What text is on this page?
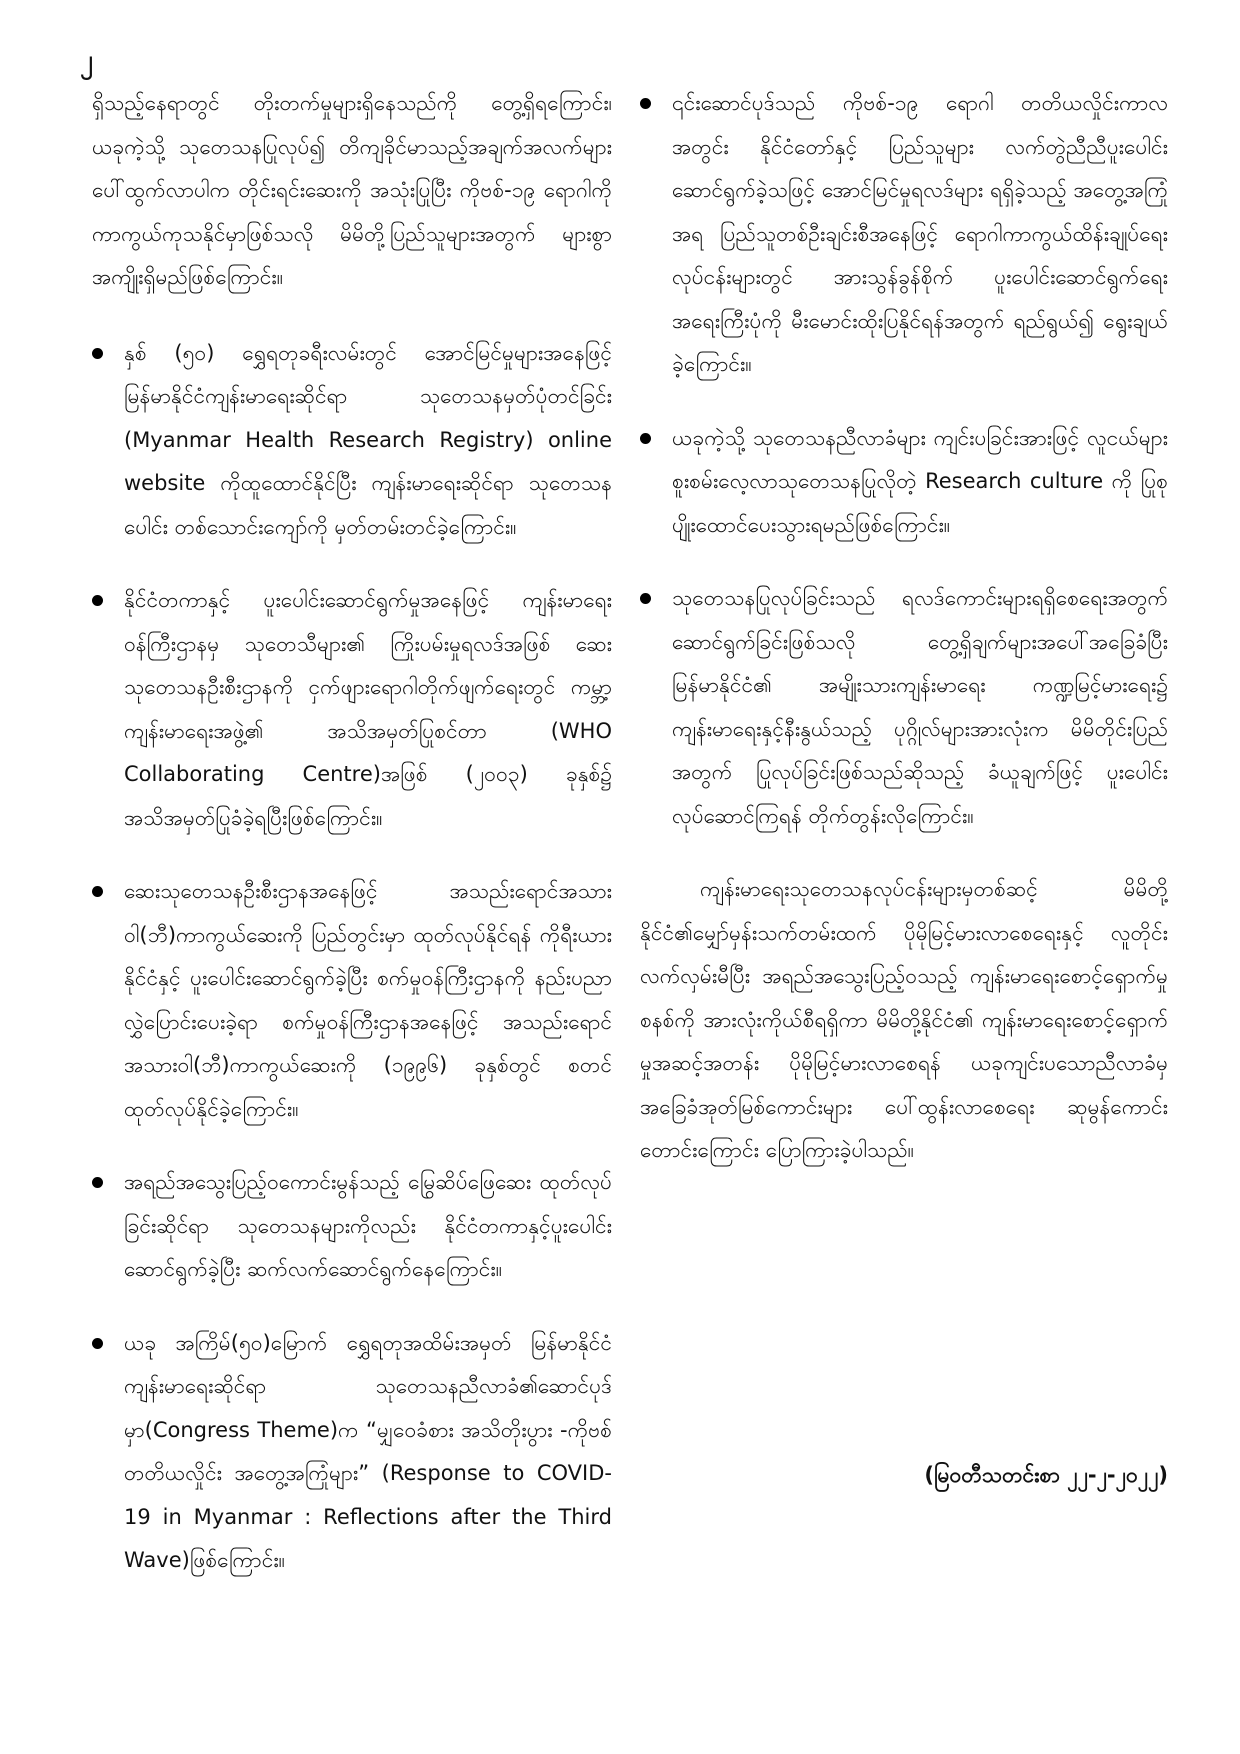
၂

ရှိသည့်နေရာတွင် တိုးတက်မှုများရှိနေသည်ကို တွေ့ရှိရကြောင်း၊ ယခုကဲ့သို့ သုတေသနပြုလုပ်၍ တိကျခိုင်မာသည့်အချက်အလက်များ ပေါ်ထွက်လာပါက တိုင်းရင်းဆေးကို အသုံးပြုပြီး ကိုဗစ်-၁၉ ရောဂါကို ကာကွယ်ကုသနိုင်မှာဖြစ်သလို မိမိတို့ပြည်သူများအတွက် များစွာအကျိုးရှိမည်ဖြစ်ကြောင်း။

နှစ် (၅၀) ရွှေရတုခရီးလမ်းတွင် အောင်မြင်မှုများအနေဖြင့် မြန်မာနိုင်ငံကျန်းမာရေးဆိုင်ရာ သုတေသနမှတ်ပုံတင်ခြင်း (Myanmar Health Research Registry) online website ကိုထူထောင်နိုင်ပြီး ကျန်းမာရေးဆိုင်ရာ သုတေသနပေါင်း တစ်သောင်းကျော်ကို မှတ်တမ်းတင်ခဲ့ကြောင်း။
နိုင်ငံတကာနှင့် ပူးပေါင်းဆောင်ရွက်မှုအနေဖြင့် ကျန်းမာရေးဝန်ကြီးဌာနမှ သုတေသီများ၏ ကြိုးပမ်းမှုရလဒ်အဖြစ် ဆေးသုတေသနဦးစီးဌာနကို ငှက်ဖျားရောဂါတိုက်ဖျက်ရေးတွင် ကမ္ဘာ့ကျန်းမာရေးအဖွဲ့၏ အသိအမှတ်ပြုစင်တာ (WHO Collaborating Centre)အဖြစ် (၂၀၀၃) ခုနှစ်၌ အသိအမှတ်ပြုခံခဲ့ရပြီးဖြစ်ကြောင်း။
ဆေးသုတေသနဦးစီးဌာနအနေဖြင့် အသည်းရောင်အသားဝါ(ဘီ)ကာကွယ်ဆေးကို ပြည်တွင်းမှာ ထုတ်လုပ်နိုင်ရန် ကိုရီးယားနိုင်ငံနှင့် ပူးပေါင်းဆောင်ရွက်ခဲ့ပြီး စက်မှုဝန်ကြီးဌာနကို နည်းပညာလွှဲပြောင်းပေးခဲ့ရာ စက်မှုဝန်ကြီးဌာနအနေဖြင့် အသည်းရောင်အသားဝါ(ဘီ)ကာကွယ်ဆေးကို (၁၉၉၆) ခုနှစ်တွင် စတင်ထုတ်လုပ်နိုင်ခဲ့ကြောင်း။
အရည်အသွေးပြည့်ဝကောင်းမွန်သည့် မြွေဆိပ်ဖြေဆေး ထုတ်လုပ်ခြင်းဆိုင်ရာ သုတေသနများကိုလည်း နိုင်ငံတကာနှင့်ပူးပေါင်းဆောင်ရွက်ခဲ့ပြီး ဆက်လက်ဆောင်ရွက်နေကြောင်း။
ယခု အကြိမ်(၅၀)မြောက် ရွှေရတုအထိမ်းအမှတ် မြန်မာနိုင်ငံ ကျန်းမာရေးဆိုင်ရာ သုတေသနညီလာခံ၏ဆောင်ပုဒ်မှာ(Congress Theme)က “မျှဝေခံစား အသိတိုးပွား -ကိုဗစ်တတိယလှိုင်း အတွေ့အကြုံများ” (Response to COVID-19 in Myanmar : Reflections after the Third Wave)ဖြစ်ကြောင်း။
၎င်းဆောင်ပုဒ်သည် ကိုဗစ်-၁၉ ရောဂါ တတိယလှိုင်းကာလ အတွင်း နိုင်ငံတော်နှင့် ပြည်သူများ လက်တွဲညီညီပူးပေါင်း ဆောင်ရွက်ခဲ့သဖြင့် အောင်မြင်မှုရလဒ်များ ရရှိခဲ့သည့် အတွေ့အကြုံအရ ပြည်သူတစ်ဦးချင်းစီအနေဖြင့် ရောဂါကာကွယ်ထိန်းချုပ်ရေးလုပ်ငန်းများတွင် အားသွန်ခွန်စိုက် ပူးပေါင်းဆောင်ရွက်ရေး အရေးကြီးပုံကို မီးမောင်းထိုးပြနိုင်ရန်အတွက် ရည်ရွယ်၍ ရွေးချယ်ခဲ့ကြောင်း။
ယခုကဲ့သို့ သုတေသနညီလာခံများ ကျင်းပခြင်းအားဖြင့် လူငယ်များ စူးစမ်းလေ့လာသုတေသနပြုလိုတဲ့ Research culture ကို ပြုစုပျိုးထောင်ပေးသွားရမည်ဖြစ်ကြောင်း။
သုတေသနပြုလုပ်ခြင်းသည် ရလဒ်ကောင်းများရရှိစေရေးအတွက် ဆောင်ရွက်ခြင်းဖြစ်သလို တွေ့ရှိချက်များအပေါ်အခြေခံပြီး မြန်မာနိုင်ငံ၏ အမျိုးသားကျန်းမာရေး ကဏ္ဍမြင့်မားရေး၌ ကျန်းမာရေးနှင့်နီးနွယ်သည့် ပုဂ္ဂိုလ်များအားလုံးက မိမိတိုင်းပြည်အတွက် ပြုလုပ်ခြင်းဖြစ်သည်ဆိုသည့် ခံယူချက်ဖြင့် ပူးပေါင်းလုပ်ဆောင်ကြရန် တိုက်တွန်းလိုကြောင်း။

ကျန်းမာရေးသုတေသနလုပ်ငန်းများမှတစ်ဆင့် မိမိတို့နိုင်ငံ၏မျှော်မှန်းသက်တမ်းထက် ပိုမိုမြင့်မားလာစေရေးနှင့် လူတိုင်းလက်လှမ်းမီပြီး အရည်အသွေးပြည့်ဝသည့် ကျန်းမာရေးစောင့်ရှောက်မှုစနစ်ကို အားလုံးကိုယ်စီရရှိကာ မိမိတို့နိုင်ငံ၏ ကျန်းမာရေးစောင့်ရှောက်မှုအဆင့်အတန်း ပိုမိုမြင့်မားလာစေရန် ယခုကျင်းပသောညီလာခံမှ အခြေခံအုတ်မြစ်ကောင်းများ ပေါ်ထွန်းလာစေရေး ဆုမွန်ကောင်းတောင်းကြောင်း ပြောကြားခဲ့ပါသည်။

(မြဝတီသတင်းစာ ၂၂-၂-၂၀၂၂)
